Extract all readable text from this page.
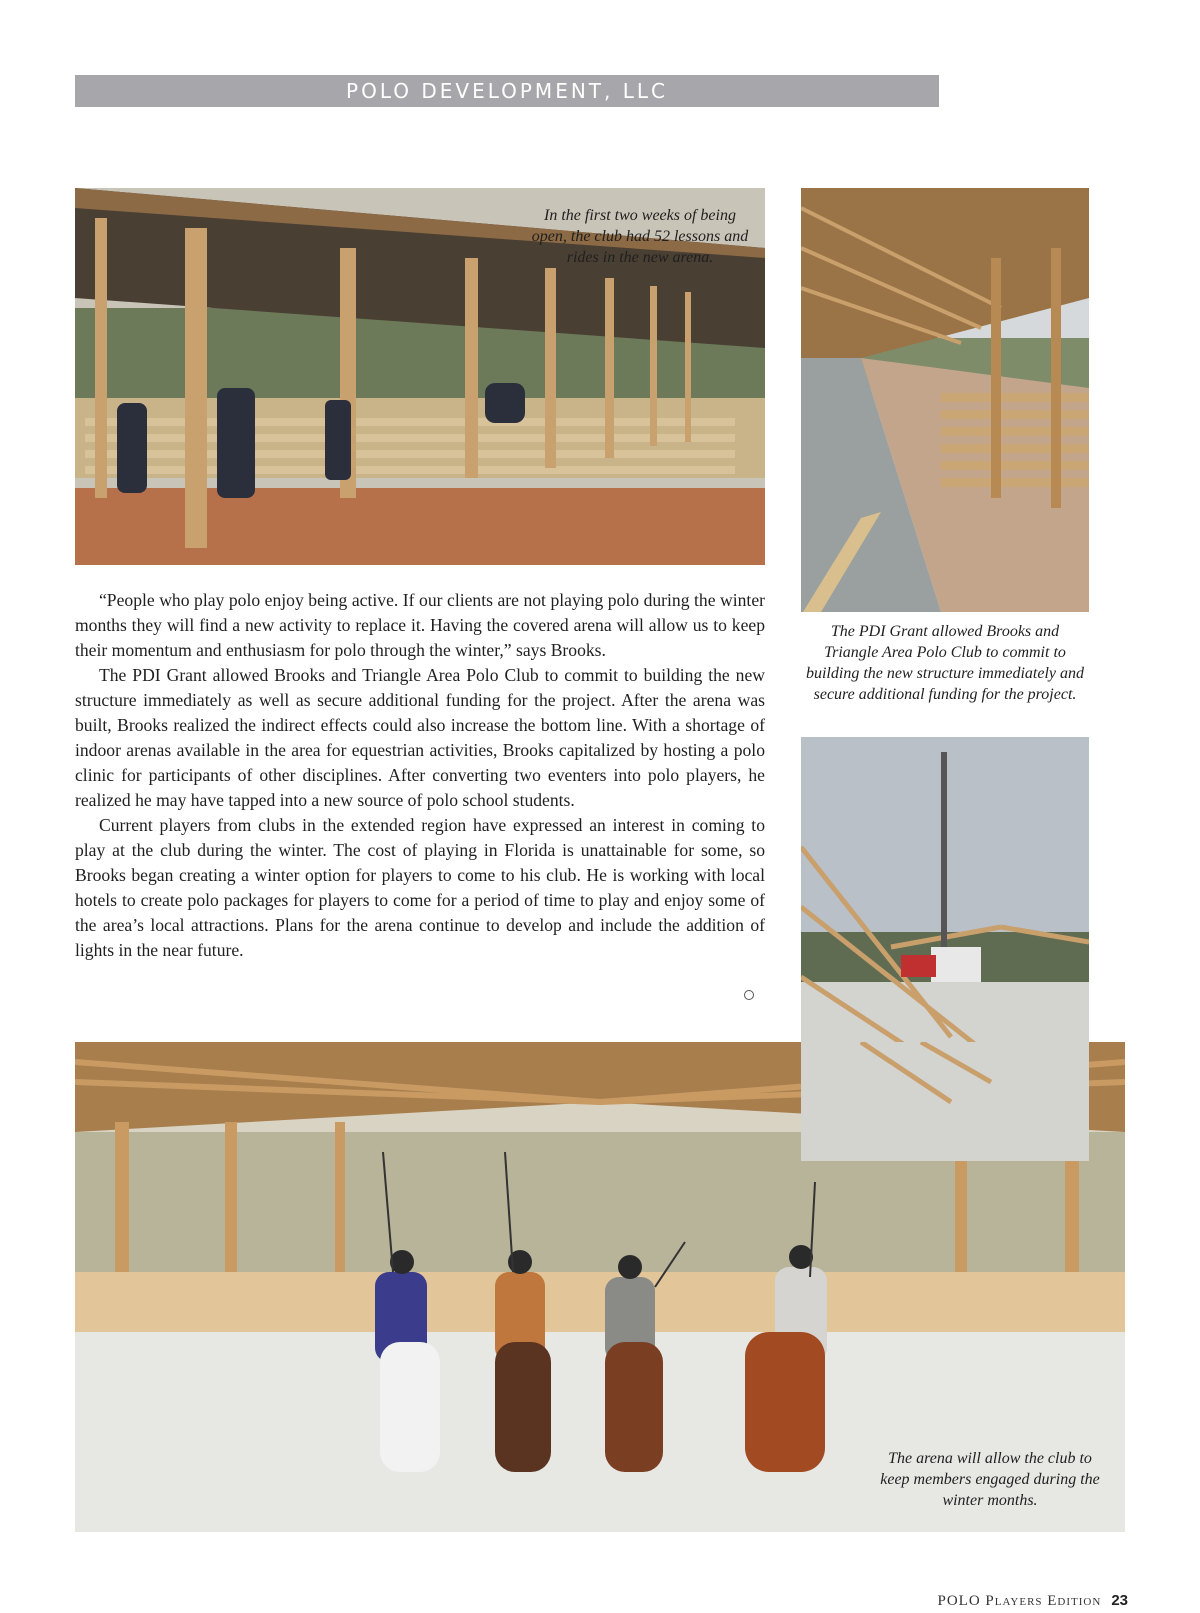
POLO DEVELOPMENT, LLC
In the first two weeks of being open, the club had 52 lessons and rides in the new arena.
The PDI Grant allowed Brooks and Triangle Area Polo Club to commit to building the new structure immediately and secure additional funding for the project.

“People who play polo enjoy being active. If our clients are not playing polo during the winter months they will find a new activity to replace it. Having the covered arena will allow us to keep their momentum and enthusiasm for polo through the winter,” says Brooks.

The PDI Grant allowed Brooks and Triangle Area Polo Club to commit to building the new structure immediately as well as secure additional funding for the project. After the arena was built, Brooks realized the indirect effects could also increase the bottom line. With a shortage of indoor arenas available in the area for equestrian activities, Brooks capitalized by hosting a polo clinic for participants of other disciplines. After converting two eventers into polo players, he realized he may have tapped into a new source of polo school students.

Current players from clubs in the extended region have expressed an interest in coming to play at the club during the winter. The cost of playing in Florida is unattainable for some, so Brooks began creating a winter option for players to come to his club. He is working with local hotels to create polo packages for players to come for a period of time to play and enjoy some of the area’s local attractions. Plans for the arena continue to develop and include the addition of lights in the near future.

The arena will allow the club to keep members engaged during the winter months.
POLO Players Edition 23
